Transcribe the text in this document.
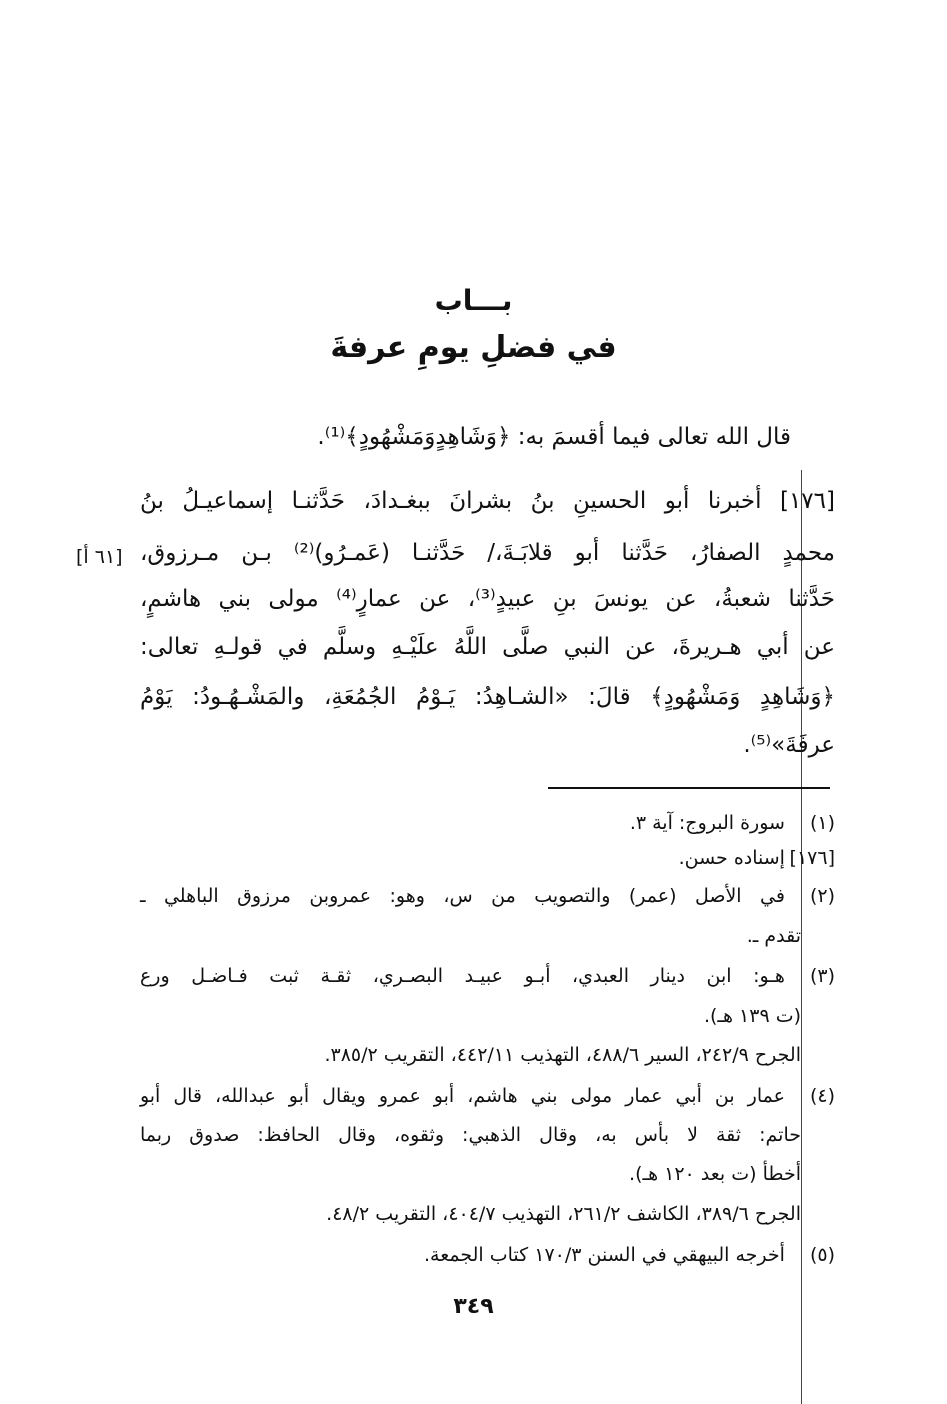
بـــاب
في فضلِ يومِ عرفةَ
قال الله تعالى فيما أقسمَ به: ﴿وَشَاهِدٍوَمَشْهُودٍ﴾⁽¹⁾.
[١٧٦] أخبرنا أبو الحسينِ بنُ بشرانَ ببغـدادَ، حَدَّثنـا إسماعيـلُ بنُ
محمدٍ الصفارُ، حَدَّثنا أبو قلابَـةَ،/ حَدَّثنـا (عَمـرُو)⁽²⁾ بـن مـرزوق،
حَدَّثنا شعبةُ، عن يونسَ بنِ عبيدٍ⁽³⁾، عن عمارٍ⁽⁴⁾ مولى بني هاشمٍ،
عن أبي هـريرةَ، عن النبي صلَّى اللَّهُ علَيْـهِ وسلَّم في قولـهِ تعالى:
﴿وَشَاهِدٍ وَمَشْهُودٍ﴾ قالَ: «الشـاهِدُ: يَـوْمُ الجُمُعَةِ، والمَشْـهُـودُ: يَوْمُ
عرفَةَ»⁽⁵⁾.
[٦١ أ]
(١) سورة البروج: آية ٣.
[١٧٦] إسناده حسن.
(٢) في الأصل (عمر) والتصويب من س، وهو: عمروبن مرزوق الباهلي ـ
تقدم ـ.
(٣) هـو: ابن دينار العبدي، أبـو عبيـد البصـري، ثقـة ثبت فـاضـل ورع
(ت ١٣٩ هـ).
الجرح ٢٤٢/٩، السير ٤٨٨/٦، التهذيب ٤٤٢/١١، التقريب ٣٨٥/٢.
(٤) عمار بن أبي عمار مولى بني هاشم، أبو عمرو ويقال أبو عبدالله، قال أبو
حاتم: ثقة لا بأس به، وقال الذهبي: وثقوه، وقال الحافظ: صدوق ربما
أخطأ (ت بعد ١٢٠ هـ).
الجرح ٣٨٩/٦، الكاشف ٢٦١/٢، التهذيب ٤٠٤/٧، التقريب ٤٨/٢.
(٥) أخرجه البيهقي في السنن ١٧٠/٣ كتاب الجمعة.
٣٤٩
